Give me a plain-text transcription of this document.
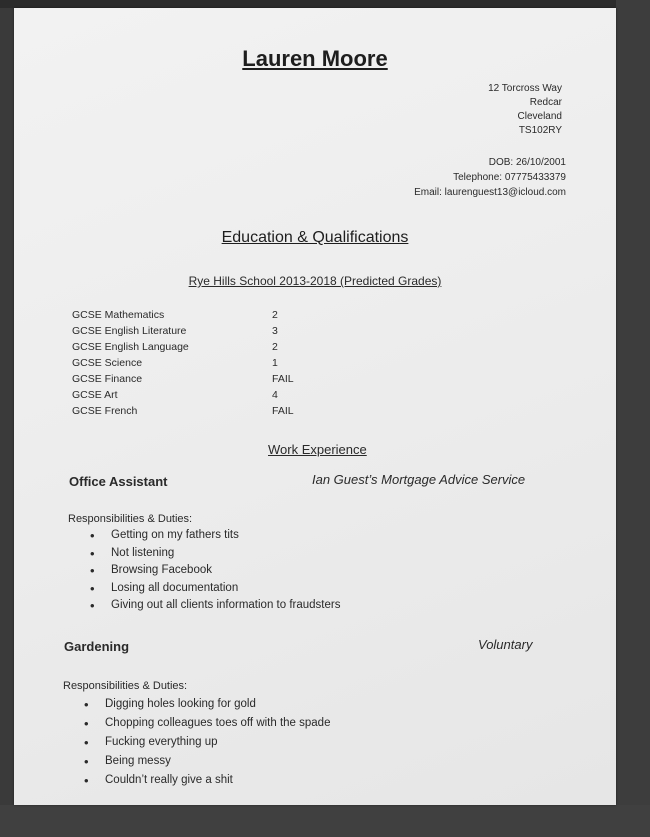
Lauren Moore
12 Torcross Way
Redcar
Cleveland
TS102RY
DOB: 26/10/2001
Telephone: 07775433379
Email: laurenguest13@icloud.com
Education & Qualifications
Rye Hills School 2013-2018 (Predicted Grades)
GCSE Mathematics	2
GCSE English Literature	3
GCSE English Language	2
GCSE Science	1
GCSE Finance	FAIL
GCSE Art	4
GCSE French	FAIL
Work Experience
Office Assistant	Ian Guest’s Mortgage Advice Service
Responsibilities & Duties:
• Getting on my fathers tits
• Not listening
• Browsing Facebook
• Losing all documentation
• Giving out all clients information to fraudsters
Gardening	Voluntary
Responsibilities & Duties:
• Digging holes looking for gold
• Chopping colleagues toes off with the spade
• Fucking everything up
• Being messy
• Couldn’t really give a shit
